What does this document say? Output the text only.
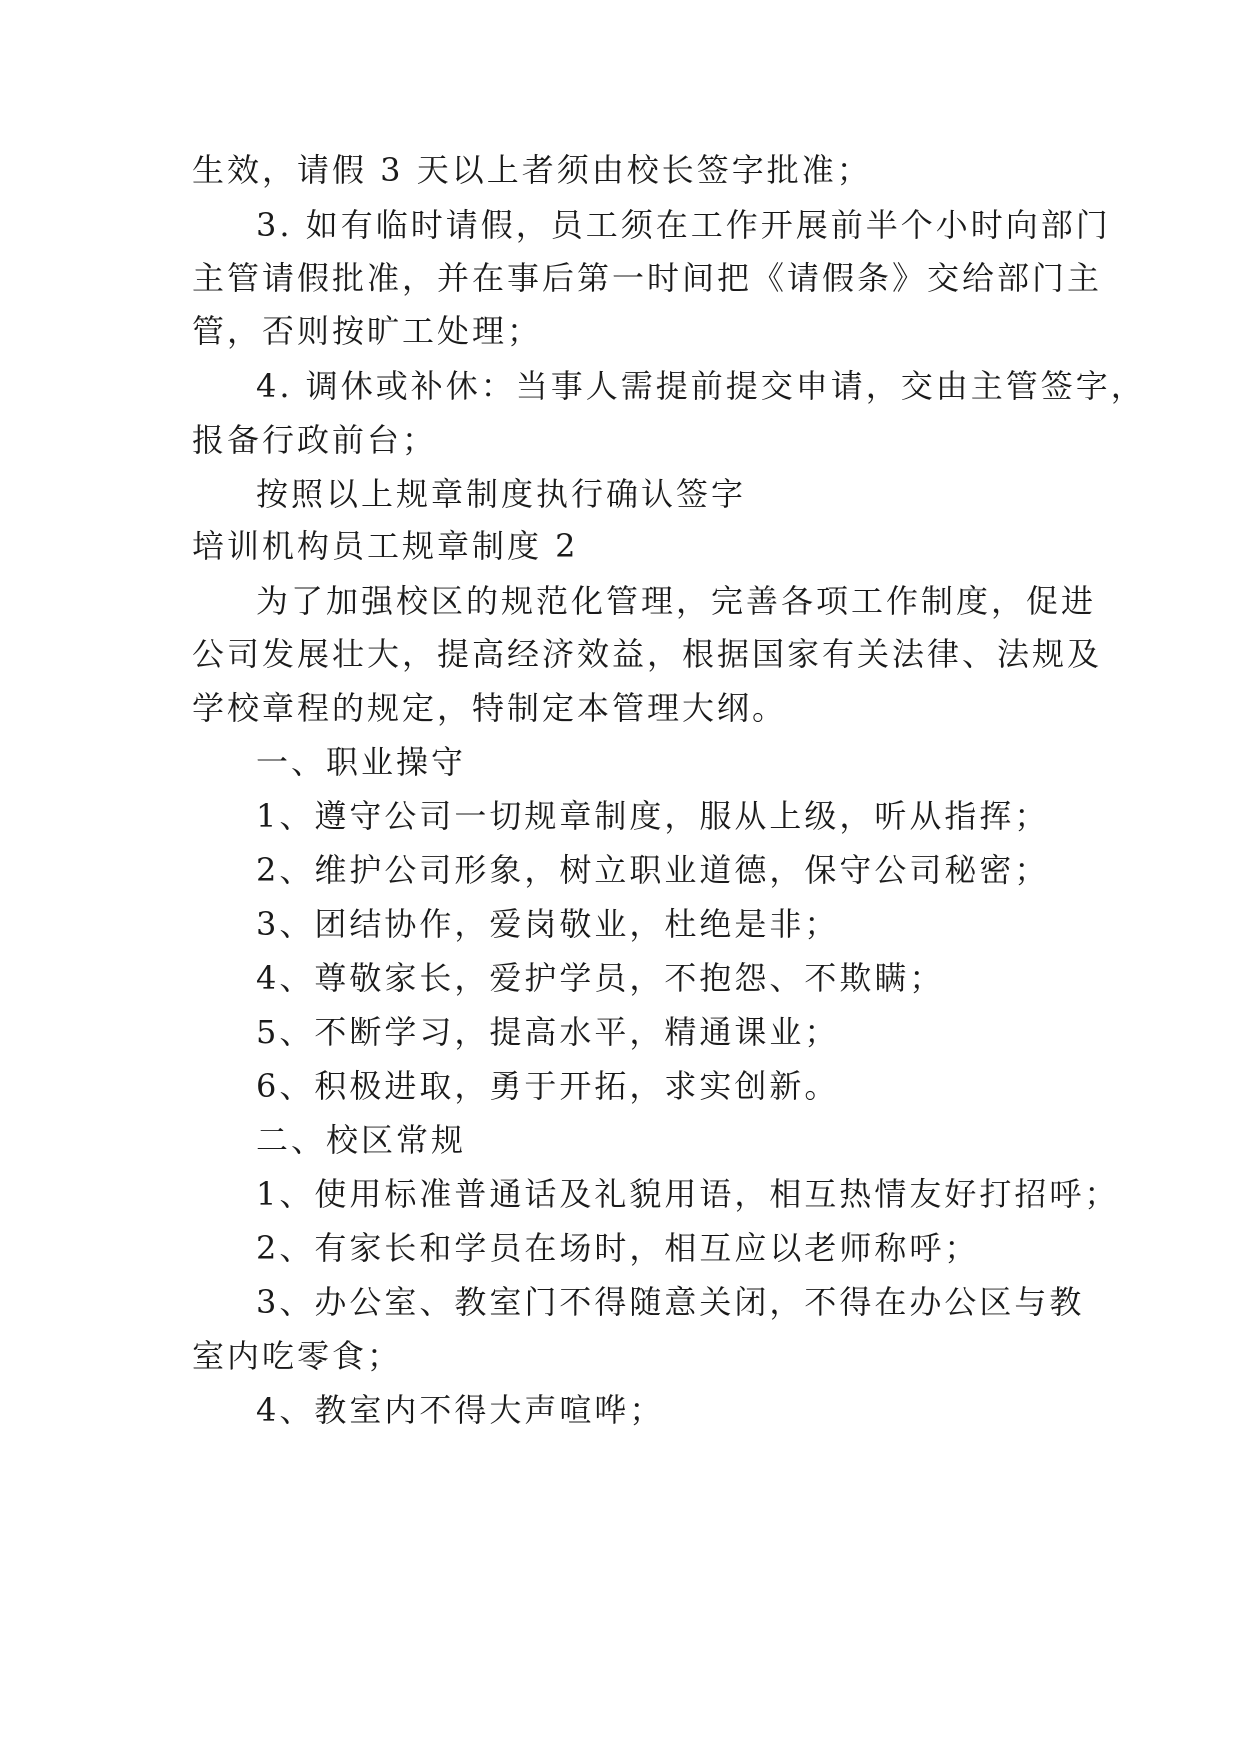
生效，请假 3 天以上者须由校长签字批准；
3. 如有临时请假，员工须在工作开展前半个小时向部门
主管请假批准，并在事后第一时间把《请假条》交给部门主
管，否则按旷工处理；
4. 调休或补休：当事人需提前提交申请，交由主管签字，
报备行政前台；
按照以上规章制度执行确认签字
培训机构员工规章制度 2
为了加强校区的规范化管理，完善各项工作制度，促进
公司发展壮大，提高经济效益，根据国家有关法律、法规及
学校章程的规定，特制定本管理大纲。
一、职业操守
1、遵守公司一切规章制度，服从上级，听从指挥；
2、维护公司形象，树立职业道德，保守公司秘密；
3、团结协作，爱岗敬业，杜绝是非；
4、尊敬家长，爱护学员，不抱怨、不欺瞒；
5、不断学习，提高水平，精通课业；
6、积极进取，勇于开拓，求实创新。
二、校区常规
1、使用标准普通话及礼貌用语，相互热情友好打招呼；
2、有家长和学员在场时，相互应以老师称呼；
3、办公室、教室门不得随意关闭，不得在办公区与教
室内吃零食；
4、教室内不得大声喧哗；
